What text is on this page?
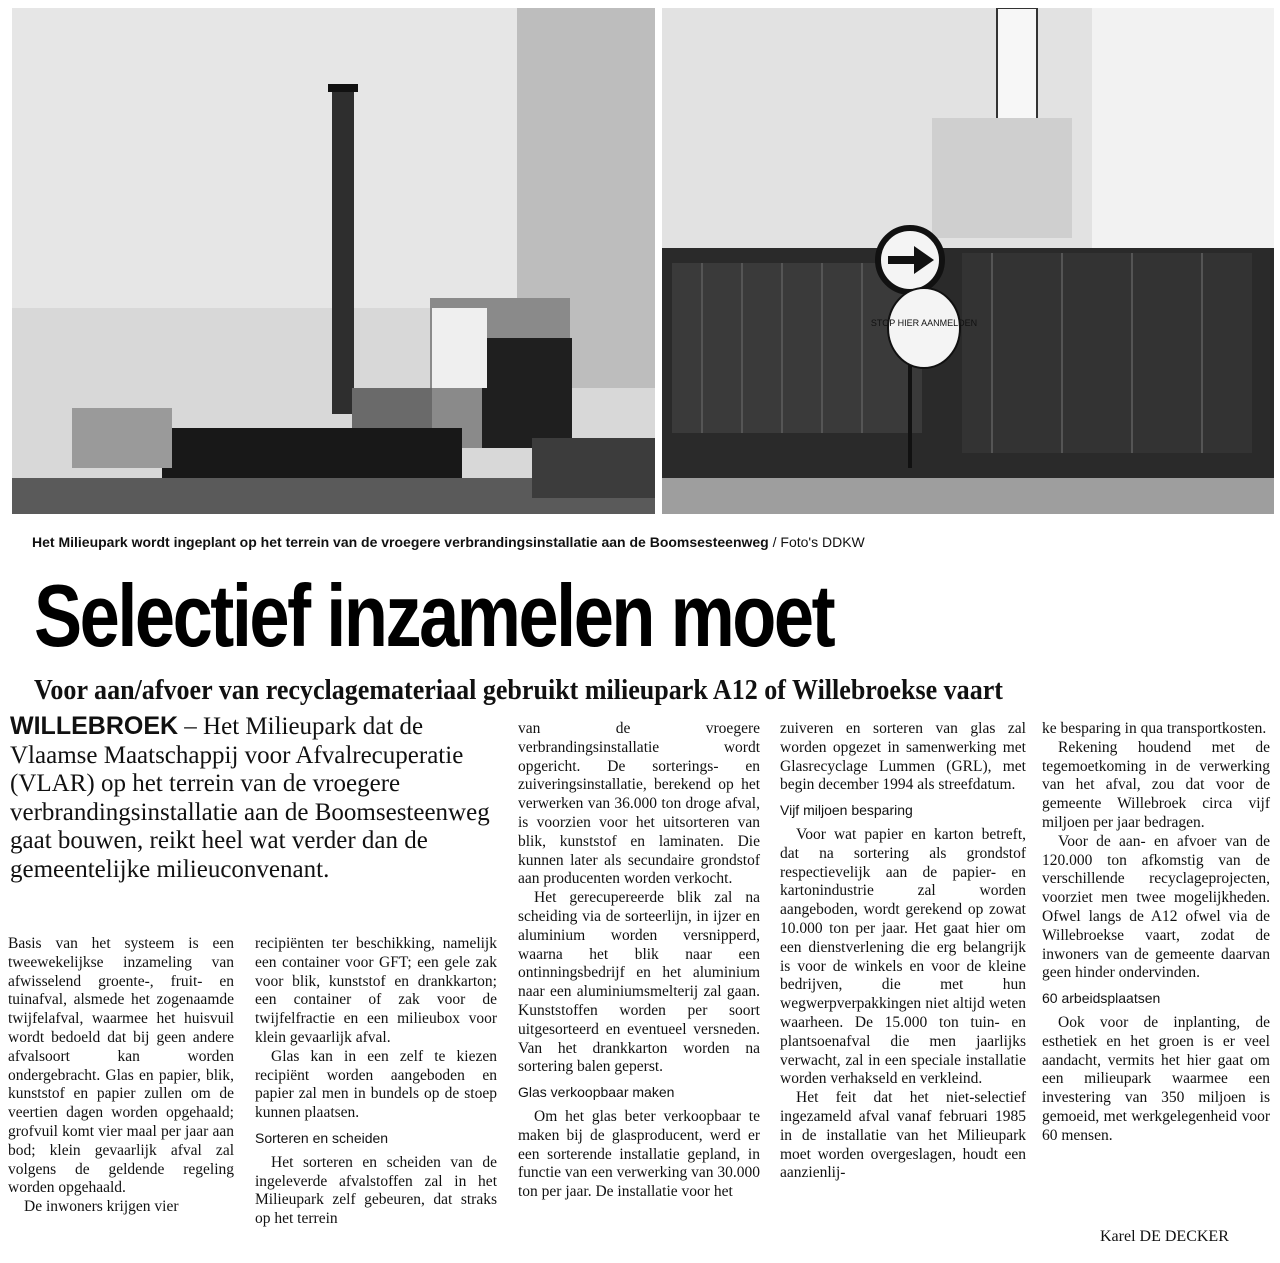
STOP HIER AANMELDEN
Het Milieupark wordt ingeplant op het terrein van de vroegere verbrandingsinstallatie aan de Boomsesteenweg / Foto's DDKW
Selectief inzamelen moet
Voor aan/afvoer van recyclagemateriaal gebruikt milieupark A12 of Willebroekse vaart

WILLEBROEK – Het Milieupark dat de Vlaamse Maatschappij voor Afvalrecuperatie (VLAR) op het terrein van de vroegere verbrandingsinstallatie aan de Boomsesteenweg gaat bouwen, reikt heel wat verder dan de gemeentelijke milieuconvenant.

Basis van het systeem is een tweewekelijkse inzameling van afwisselend groente-, fruit- en tuinafval, alsmede het zogenaamde twijfelafval, waarmee het huisvuil wordt bedoeld dat bij geen andere afvalsoort kan worden ondergebracht. Glas en papier, blik, kunststof en papier zullen om de veertien dagen worden opgehaald; grofvuil komt vier maal per jaar aan bod; klein gevaarlijk afval zal volgens de geldende regeling worden opgehaald.

De inwoners krijgen vier

recipiënten ter beschikking, namelijk een container voor GFT; een gele zak voor blik, kunststof en drankkarton; een container of zak voor de twijfelfractie en een milieubox voor klein gevaarlijk afval.

Glas kan in een zelf te kiezen recipiënt worden aangeboden en papier zal men in bundels op de stoep kunnen plaatsen.

Sorteren en scheiden

Het sorteren en scheiden van de ingeleverde afvalstoffen zal in het Milieupark zelf gebeuren, dat straks op het terrein

van de vroegere verbrandingsinstallatie wordt opgericht. De sorterings- en zuiveringsinstallatie, berekend op het verwerken van 36.000 ton droge afval, is voorzien voor het uitsorteren van blik, kunststof en laminaten. Die kunnen later als secundaire grondstof aan producenten worden verkocht.

Het gerecupereerde blik zal na scheiding via de sorteerlijn, in ijzer en aluminium worden versnipperd, waarna het blik naar een ontinningsbedrijf en het aluminium naar een aluminiumsmelterij zal gaan. Kunststoffen worden per soort uitgesorteerd en eventueel versneden. Van het drankkarton worden na sortering balen geperst.

Glas verkoopbaar maken

Om het glas beter verkoopbaar te maken bij de glasproducent, werd er een sorterende installatie gepland, in functie van een verwerking van 30.000 ton per jaar. De installatie voor het

zuiveren en sorteren van glas zal worden opgezet in samenwerking met Glasrecyclage Lummen (GRL), met begin december 1994 als streefdatum.

Vijf miljoen besparing

Voor wat papier en karton betreft, dat na sortering als grondstof respectievelijk aan de papier- en kartonindustrie zal worden aangeboden, wordt gerekend op zowat 10.000 ton per jaar. Het gaat hier om een dienstverlening die erg belangrijk is voor de winkels en voor de kleine bedrijven, die met hun wegwerpverpakkingen niet altijd weten waarheen. De 15.000 ton tuin- en plantsoenafval die men jaarlijks verwacht, zal in een speciale installatie worden verhakseld en verkleind.

Het feit dat het niet-selectief ingezameld afval vanaf februari 1985 in de installatie van het Milieupark moet worden overgeslagen, houdt een aanzienlij-

ke besparing in qua transportkosten.

Rekening houdend met de tegemoetkoming in de verwerking van het afval, zou dat voor de gemeente Willebroek circa vijf miljoen per jaar bedragen.

Voor de aan- en afvoer van de 120.000 ton afkomstig van de verschillende recyclageprojecten, voorziet men twee mogelijkheden. Ofwel langs de A12 ofwel via de Willebroekse vaart, zodat de inwoners van de gemeente daarvan geen hinder ondervinden.

60 arbeidsplaatsen

Ook voor de inplanting, de esthetiek en het groen is er veel aandacht, vermits het hier gaat om een milieupark waarmee een investering van 350 miljoen is gemoeid, met werkgelegenheid voor 60 mensen.

Karel DE DECKER
